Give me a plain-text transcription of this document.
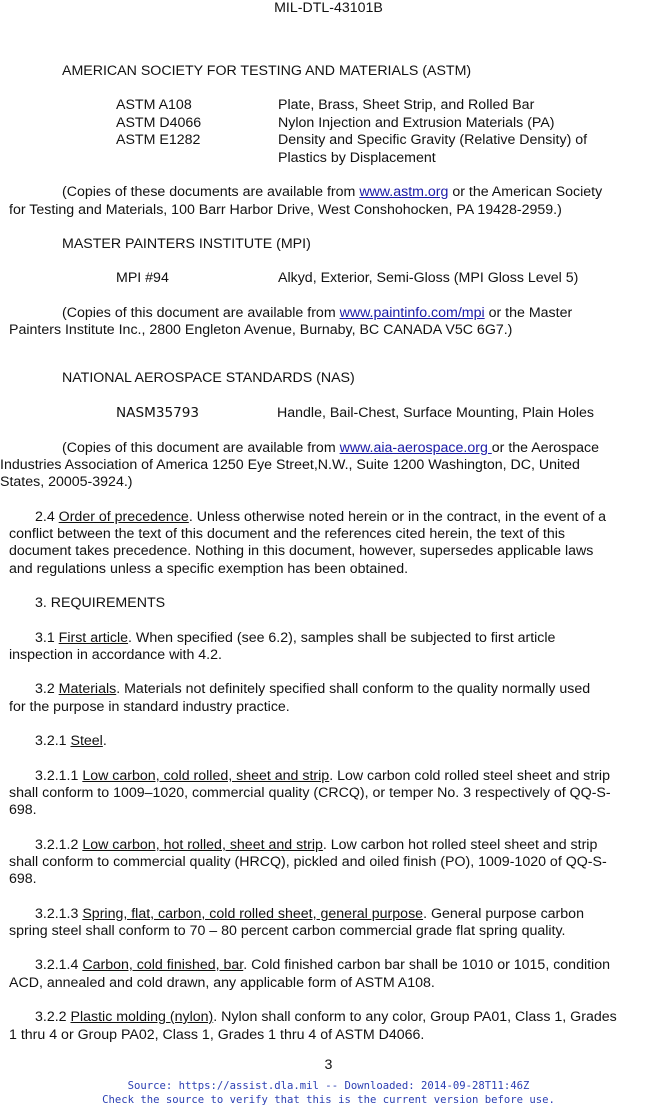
MIL-DTL-43101B
AMERICAN SOCIETY FOR TESTING AND MATERIALS (ASTM)
ASTM A108	Plate, Brass, Sheet Strip, and Rolled Bar
ASTM D4066	Nylon Injection and Extrusion Materials (PA)
ASTM E1282	Density and Specific Gravity (Relative Density) of
Plastics by Displacement
(Copies of these documents are available from www.astm.org or the American Society
for Testing and Materials, 100 Barr Harbor Drive, West Conshohocken, PA 19428-2959.)
MASTER PAINTERS INSTITUTE (MPI)
MPI #94	Alkyd, Exterior, Semi-Gloss (MPI Gloss Level 5)
(Copies of this document are available from www.paintinfo.com/mpi or the Master
Painters Institute Inc., 2800 Engleton Avenue, Burnaby, BC CANADA V5C 6G7.)
NATIONAL AEROSPACE STANDARDS (NAS)
NASM35793	Handle, Bail-Chest, Surface Mounting, Plain Holes
(Copies of this document are available from www.aia-aerospace.org or the Aerospace
Industries Association of America 1250 Eye Street,N.W., Suite 1200 Washington, DC, United
States, 20005-3924.)
2.4 Order of precedence. Unless otherwise noted herein or in the contract, in the event of a
conflict between the text of this document and the references cited herein, the text of this
document takes precedence. Nothing in this document, however, supersedes applicable laws
and regulations unless a specific exemption has been obtained.
3. REQUIREMENTS
3.1 First article. When specified (see 6.2), samples shall be subjected to first article
inspection in accordance with 4.2.
3.2 Materials. Materials not definitely specified shall conform to the quality normally used
for the purpose in standard industry practice.
3.2.1 Steel.
3.2.1.1 Low carbon, cold rolled, sheet and strip. Low carbon cold rolled steel sheet and strip
shall conform to 1009–1020, commercial quality (CRCQ), or temper No. 3 respectively of QQ-S-
698.
3.2.1.2 Low carbon, hot rolled, sheet and strip. Low carbon hot rolled steel sheet and strip
shall conform to commercial quality (HRCQ), pickled and oiled finish (PO), 1009-1020 of QQ-S-
698.
3.2.1.3 Spring, flat, carbon, cold rolled sheet, general purpose. General purpose carbon
spring steel shall conform to 70 – 80 percent carbon commercial grade flat spring quality.
3.2.1.4 Carbon, cold finished, bar. Cold finished carbon bar shall be 1010 or 1015, condition
ACD, annealed and cold drawn, any applicable form of ASTM A108.
3.2.2 Plastic molding (nylon). Nylon shall conform to any color, Group PA01, Class 1, Grades
1 thru 4 or Group PA02, Class 1, Grades 1 thru 4 of ASTM D4066.
3
Source: https://assist.dla.mil -- Downloaded: 2014-09-28T11:46Z
Check the source to verify that this is the current version before use.
